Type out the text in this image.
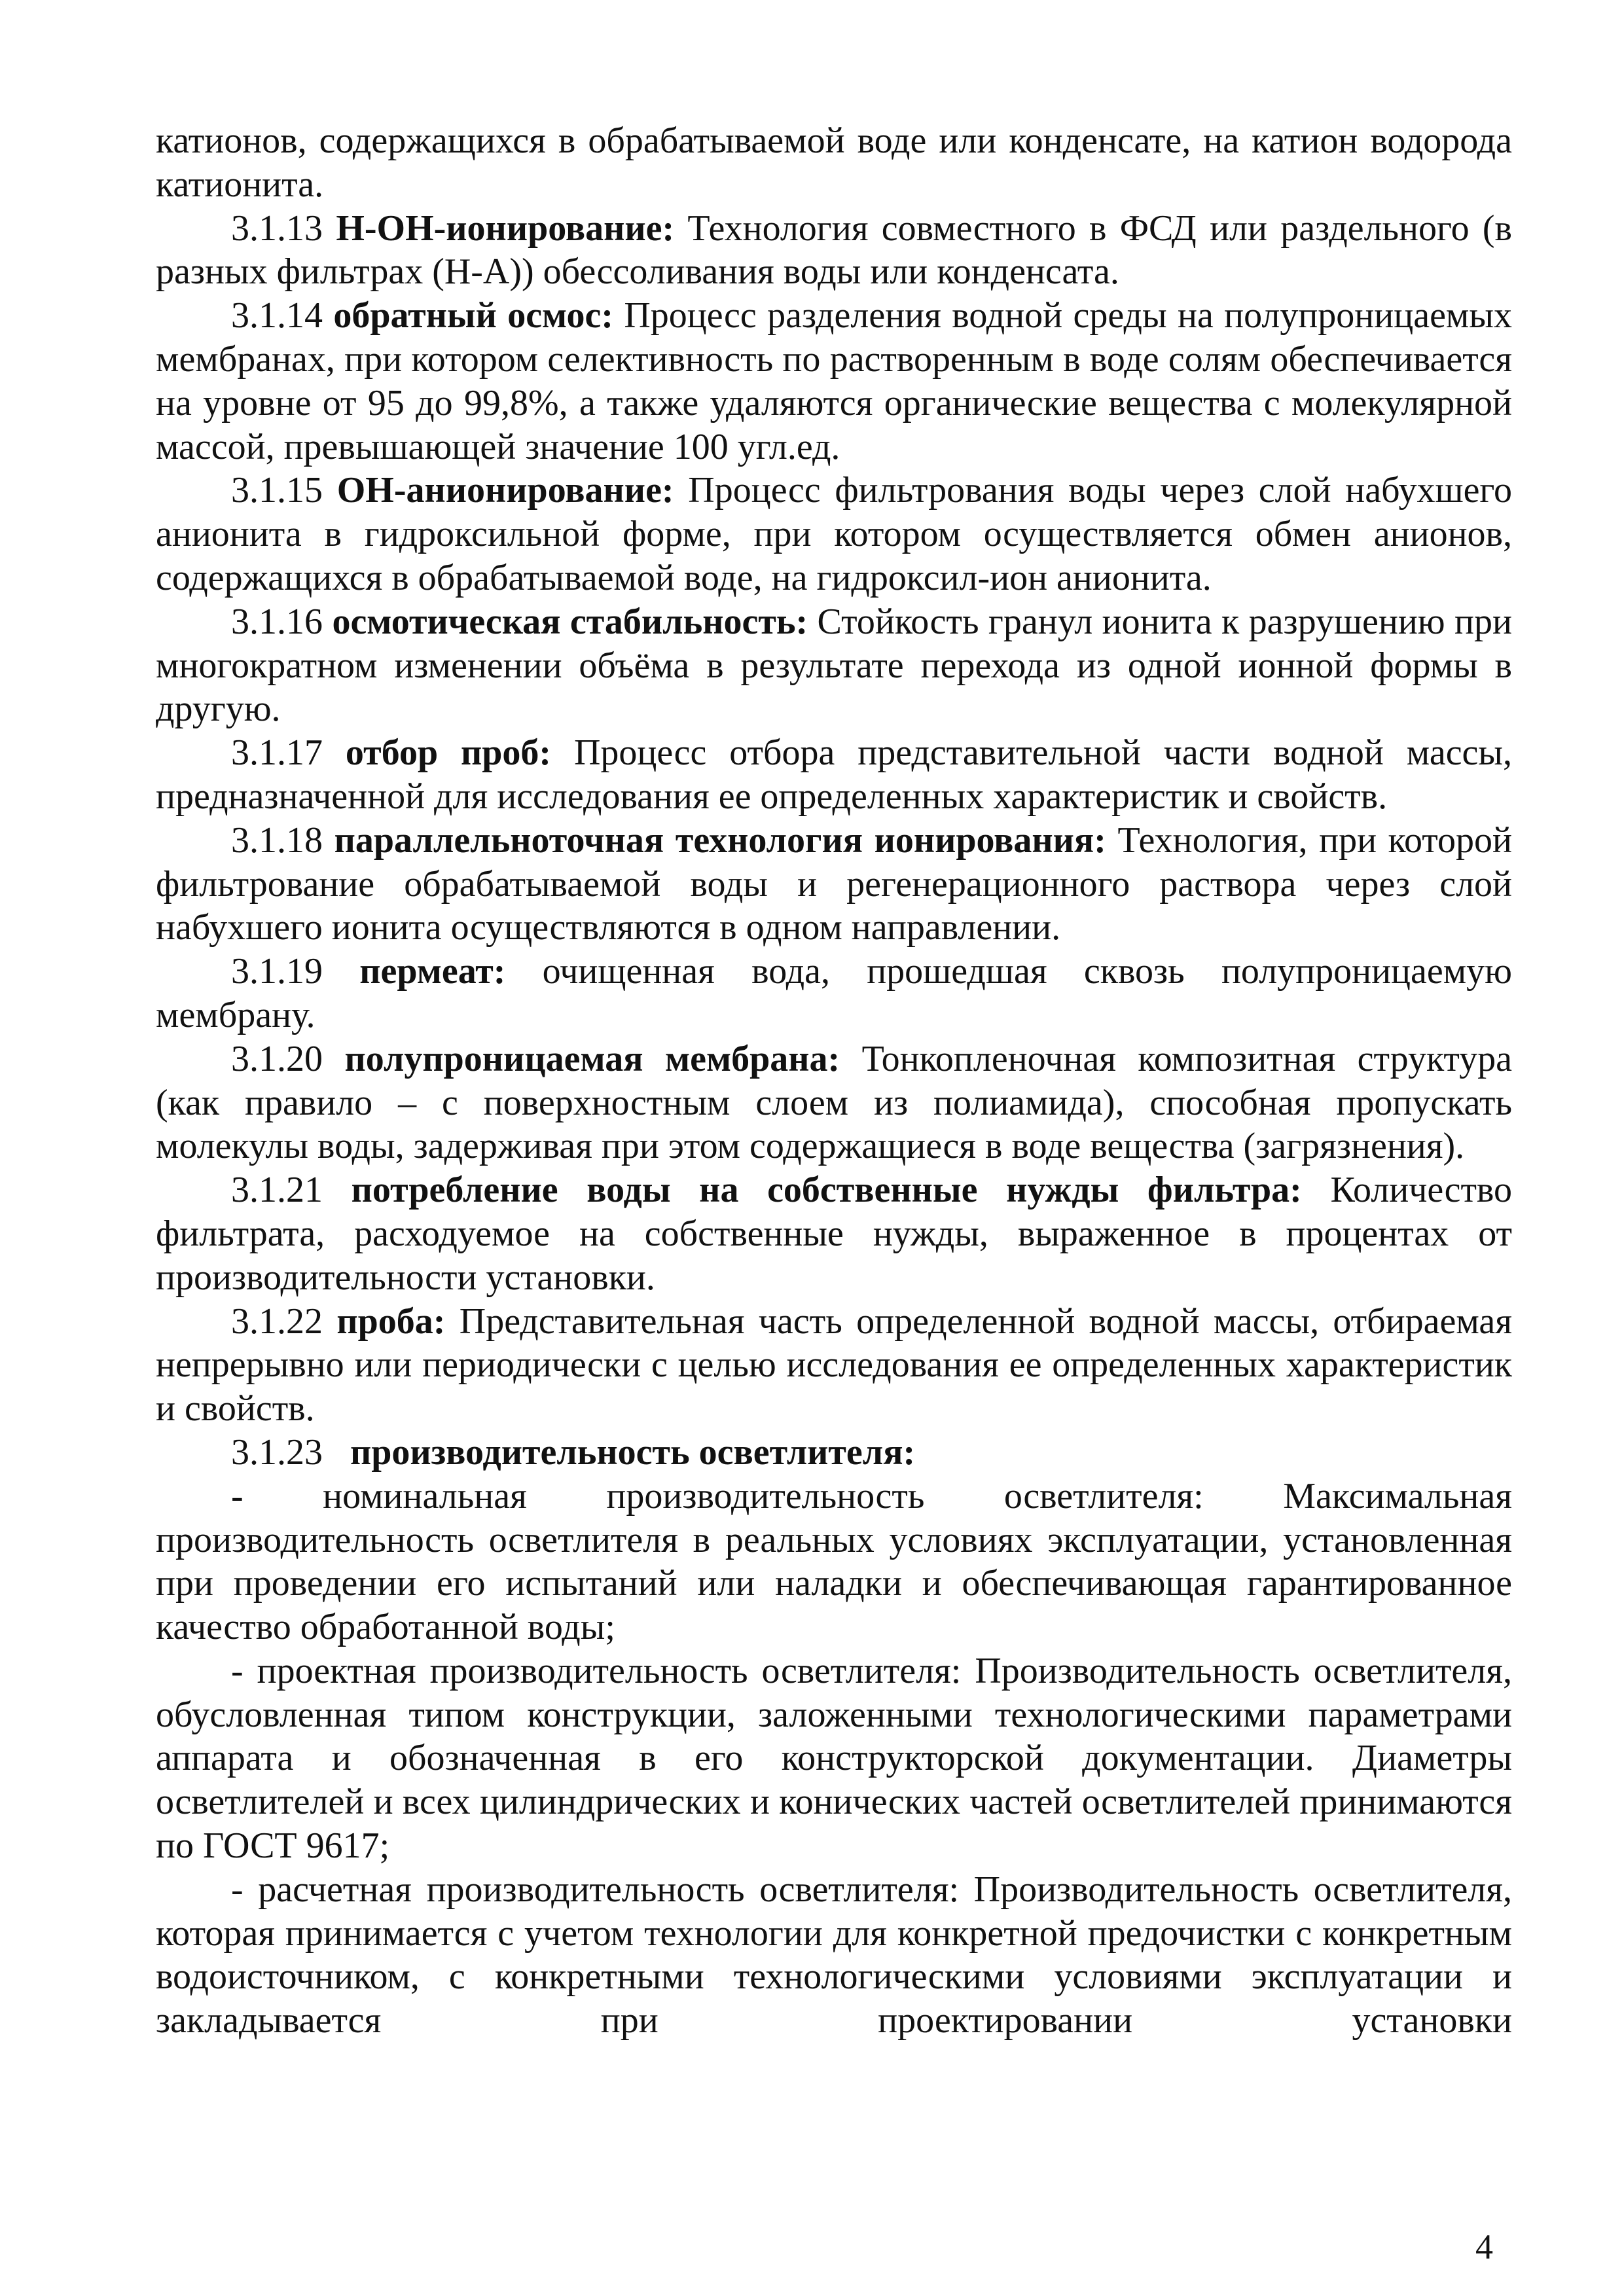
катионов, содержащихся в обрабатываемой воде или конденсате, на катион водорода катионита.

3.1.13 Н-ОН-ионирование: Технология совместного в ФСД или раздельного (в разных фильтрах (Н-А)) обессоливания воды или конденсата.

3.1.14 обратный осмос: Процесс разделения водной среды на полупроницаемых мембранах, при котором селективность по растворенным в воде солям обеспечивается на уровне от 95 до 99,8%, а также удаляются органические вещества с молекулярной массой, превышающей значение 100 угл.ед.

3.1.15 ОН-анионирование: Процесс фильтрования воды через слой набухшего анионита в гидроксильной форме, при котором осуществляется обмен анионов, содержащихся в обрабатываемой воде, на гидроксил-ион анионита.

3.1.16 осмотическая стабильность: Стойкость гранул ионита к разрушению при многократном изменении объёма в результате перехода из одной ионной формы в другую.

3.1.17 отбор проб: Процесс отбора представительной части водной массы, предназначенной для исследования ее определенных характеристик и свойств.

3.1.18 параллельноточная технология ионирования: Технология, при которой фильтрование обрабатываемой воды и регенерационного раствора через слой набухшего ионита осуществляются в одном направлении.

3.1.19 пермеат: очищенная вода, прошедшая сквозь полупроницаемую мембрану.

3.1.20 полупроницаемая мембрана: Тонкопленочная композитная структура (как правило – с поверхностным слоем из полиамида), способная пропускать молекулы воды, задерживая при этом содержащиеся в воде вещества (загрязнения).

3.1.21 потребление воды на собственные нужды фильтра: Количество фильтрата, расходуемое на собственные нужды, выраженное в процентах от производительности установки.

3.1.22 проба: Представительная часть определенной водной массы, отбираемая непрерывно или периодически с целью исследования ее определенных характеристик и свойств.

3.1.23   производительность осветлителя:

- номинальная производительность осветлителя: Максимальная производительность осветлителя в реальных условиях эксплуатации, установленная при проведении его испытаний или наладки и обеспечивающая гарантированное качество обработанной воды;

- проектная производительность осветлителя: Производительность осветлителя, обусловленная типом конструкции, заложенными технологическими параметрами аппарата и обозначенная в его конструкторской документации. Диаметры осветлителей и всех цилиндрических и конических частей осветлителей принимаются по ГОСТ 9617;

- расчетная производительность осветлителя: Производительность осветлителя, которая принимается с учетом технологии для конкретной предочистки с конкретным водоисточником, с конкретными технологическими условиями эксплуатации и закладывается при проектировании установки

4
